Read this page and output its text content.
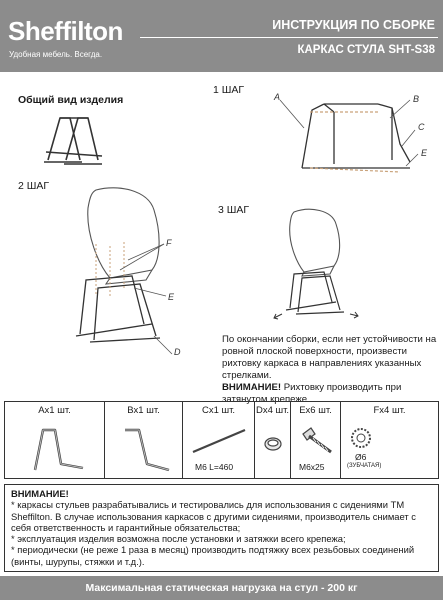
Sheffilton
Удобная мебель. Всегда.
ИНСТРУКЦИЯ ПО СБОРКЕ
КАРКАС СТУЛА SHT-S38
Общий вид изделия
1 ШАГ
A	B
C
E
2 ШАГ
F
E
D
3 ШАГ

По окончании сборки, если нет устойчивости на ровной плоской поверхности, произвести рихтовку каркаса в направлениях указанных стрелками.

ВНИМАНИЕ! Рихтовку производить при затянутом крепеже.

Ax1 шт.	Bx1 шт.	Cx1 шт.
M6 L=460
Dx4 шт.	Ex6 шт.
M6x25
Fx4 шт.
Ø6
(ЗУБЧАТАЯ)

ВНИМАНИЕ!

* каркасы стульев разрабатывались и тестировались для использования с сидениями ТМ Sheffilton. В случае использования каркасов с другими сидениями, производитель снимает с себя ответственность и гарантийные обязательства;

* эксплуатация изделия возможна после установки и затяжки всего крепежа;

* периодически (не реже 1 раза в месяц) производить подтяжку всех резьбовых соединений (винты, шурупы, стяжки и т.д.).

Максимальная статическая нагрузка на стул - 200 кг
